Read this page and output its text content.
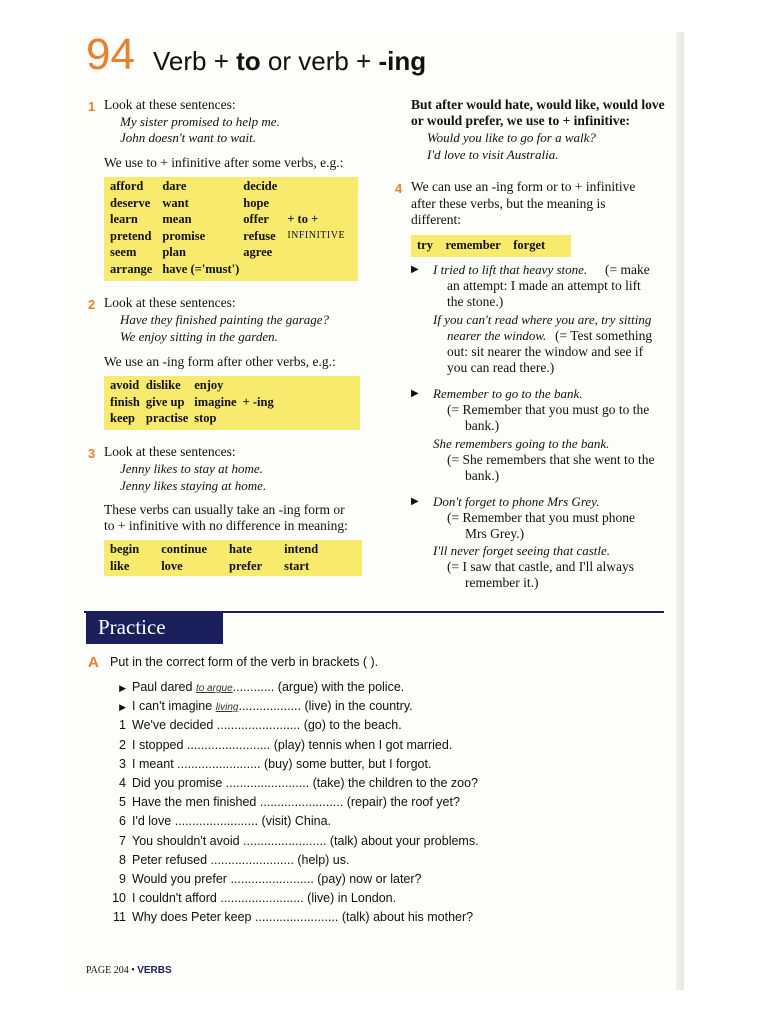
94 Verb + to or verb + -ing
1 Look at these sentences:
My sister promised to help me.
John doesn't want to wait.
We use to + infinitive after some verbs, e.g.:
afford	dare	decide	
deserve	want	hope	
learn	mean	offer	+ to +
pretend	promise	refuse	INFINITIVE
seem	plan	agree	
arrange	have (='must')		
2 Look at these sentences:
Have they finished painting the garage?
We enjoy sitting in the garden.
We use an -ing form after other verbs, e.g.:
avoid	dislike	enjoy	
finish	give up	imagine	+ -ing
keep	practise	stop	
3 Look at these sentences:
Jenny likes to stay at home.
Jenny likes staying at home.
These verbs can usually take an -ing form or
to + infinitive with no difference in meaning:
begin	continue	hate	intend
like	love	prefer	start
But after would hate, would like, would love
or would prefer, we use to + infinitive:
Would you like to go for a walk?
I'd love to visit Australia.
4 We can use an -ing form or to + infinitive
after these verbs, but the meaning is
different:
try remember forget
▶ I tried to lift that heavy stone. (= make
an attempt: I made an attempt to lift
the stone.)
If you can't read where you are, try sitting
nearer the window. (= Test something
out: sit nearer the window and see if
you can read there.)
▶ Remember to go to the bank.
(= Remember that you must go to the
bank.)
She remembers going to the bank.
(= She remembers that she went to the
bank.)
▶ Don't forget to phone Mrs Grey.
(= Remember that you must phone
Mrs Grey.)
I'll never forget seeing that castle.
(= I saw that castle, and I'll always
remember it.)
Practice
A Put in the correct form of the verb in brackets ( ).
▶ Paul dared to argue............ (argue) with the police.
▶ I can't imagine living.................. (live) in the country.
1 We've decided ........................ (go) to the beach.
2 I stopped ........................ (play) tennis when I got married.
3 I meant ........................ (buy) some butter, but I forgot.
4 Did you promise ........................ (take) the children to the zoo?
5 Have the men finished ........................ (repair) the roof yet?
6 I'd love ........................ (visit) China.
7 You shouldn't avoid ........................ (talk) about your problems.
8 Peter refused ........................ (help) us.
9 Would you prefer ........................ (pay) now or later?
10 I couldn't afford ........................ (live) in London.
11 Why does Peter keep ........................ (talk) about his mother?
PAGE 204 • VERBS
